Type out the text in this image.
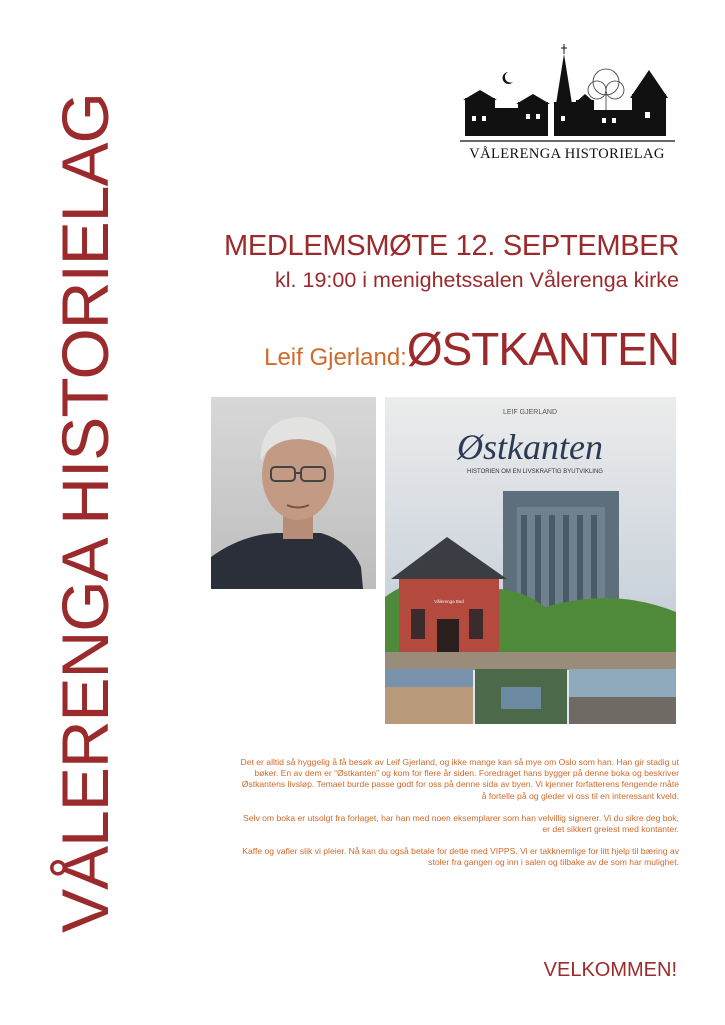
VÅLERENGA HISTORIELAG	VÅLERENGA HISTORIELAG
MEDLEMSMØTE 12. SEPTEMBER
kl. 19:00 i menighetssalen Vålerenga kirke
Leif Gjerland:ØSTKANTEN
LEIF GJERLAND
Østkanten
HISTORIEN OM EN LIVSKRAFTIG BYUTVIKLING
Vålerenga Bad

Det er alltid så hyggelig å få besøk av Leif Gjerland, og ikke mange kan så mye om Oslo som han. Han gir stadig ut bøker. En av dem er “Østkanten” og kom for flere år siden. Foredraget hans bygger på denne boka og beskriver Østkantens livsløp. Temaet burde passe godt for oss på denne sida av byen. Vi kjenner forfatterens fengende måte å fortelle på og gleder vi oss til en interessant kveld.

Selv om boka er utsolgt fra forlaget, har han med noen eksemplarer som han velvillig signerer. Vi du sikre deg bok, er det sikkert greiest med kontanter.

Kaffe og vafler slik vi pleier. Nå kan du også betale for dette med VIPPS. Vi er takknemlige for litt hjelp til bæring av stoler fra gangen og inn i salen og tilbake av de som har mulighet.

VELKOMMEN!
